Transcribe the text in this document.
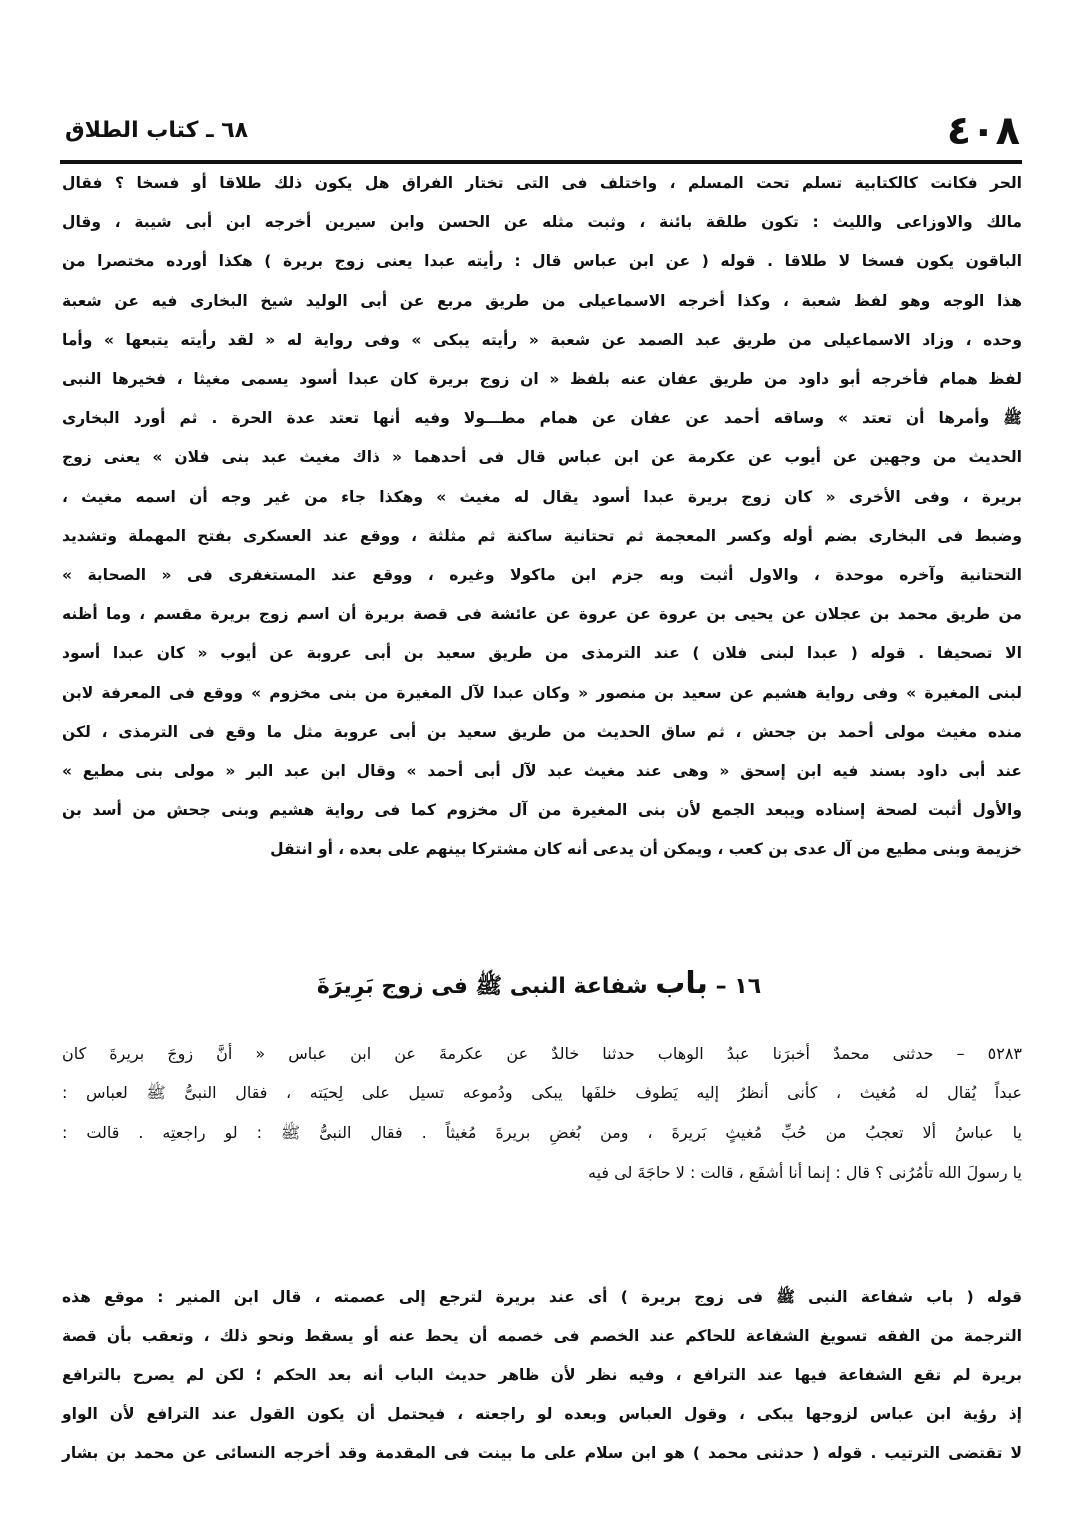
٤٠٨
٦٨ ـ كتاب الطلاق
الحر فكانت كالكتابية تسلم تحت المسلم ، واختلف فى التى تختار الفراق هل يكون ذلك طلاقا أو فسخا ؟ فقال
مالك والاوزاعى والليث : تكون طلقة بائنة ، وثبت مثله عن الحسن وابن سيرين أخرجه ابن أبى شيبة ، وقال
الباقون يكون فسخا لا طلاقا . قوله ( عن ابن عباس قال : رأيته عبدا يعنى زوج بريرة ) هكذا أورده مختصرا من
هذا الوجه وهو لفظ شعبة ، وكذا أخرجه الاسماعيلى من طريق مربع عن أبى الوليد شيخ البخارى فيه عن شعبة
وحده ، وزاد الاسماعيلى من طريق عبد الصمد عن شعبة « رأيته يبكى » وفى رواية له « لقد رأيته يتبعها » وأما
لفظ همام فأخرجه أبو داود من طريق عفان عنه بلفظ « ان زوج بريرة كان عبدا أسود يسمى مغيثا ، فخيرها النبى
ﷺ وأمرها أن تعتد » وساقه أحمد عن عفان عن همام مطـــولا وفيه أنها تعتد عدة الحرة . ثم أورد البخارى
الحديث من وجهين عن أيوب عن عكرمة عن ابن عباس قال فى أحدهما « ذاك مغيث عبد بنى فلان » يعنى زوج
بريرة ، وفى الأخرى « كان زوج بريرة عبدا أسود يقال له مغيث » وهكذا جاء من غير وجه أن اسمه مغيث ،
وضبط فى البخارى بضم أوله وكسر المعجمة ثم تحتانية ساكنة ثم مثلثة ، ووقع عند العسكرى بفتح المهملة وتشديد
التحتانية وآخره موحدة ، والاول أثبت وبه جزم ابن ماكولا وغيره ، ووقع عند المستغفرى فى « الصحابة »
من طريق محمد بن عجلان عن يحيى بن عروة عن عروة عن عائشة فى قصة بريرة أن اسم زوج بريرة مقسم ، وما أظنه
الا تصحيفا . قوله ( عبدا لبنى فلان ) عند الترمذى من طريق سعيد بن أبى عروبة عن أيوب « كان عبدا أسود
لبنى المغيرة » وفى رواية هشيم عن سعيد بن منصور « وكان عبدا لآل المغيرة من بنى مخزوم » ووقع فى المعرفة لابن
منده مغيث مولى أحمد بن جحش ، ثم ساق الحديث من طريق سعيد بن أبى عروبة مثل ما وقع فى الترمذى ، لكن
عند أبى داود بسند فيه ابن إسحق « وهى عند مغيث عبد لآل أبى أحمد » وقال ابن عبد البر « مولى بنى مطيع »
والأول أثبت لصحة إسناده ويبعد الجمع لأن بنى المغيرة من آل مخزوم كما فى رواية هشيم وبنى جحش من أسد بن
خزيمة وبنى مطيع من آل عدى بن كعب ، ويمكن أن يدعى أنه كان مشتركا بينهم على بعده ، أو انتقل
١٦ – باب شفاعة النبى ﷺ فى زوج بَرِيرَةَ
٥٢٨٣ – حدثنى محمدٌ أخبرَنا عبدُ الوهاب حدثنا خالدٌ عن عكرمةَ عن ابن عباس « أنَّ زوجَ بريرةَ كان
عبداً يُقال له مُغيث ، كأنى أنظرُ إليه يَطوف خلفَها يبكى ودُموعه تسيل على لِحيَته ، فقال النبىُّ ﷺ لعباس :
يا عباسُ ألا تعجبُ من حُبِّ مُغيثٍ بَريرةَ ، ومن بُغضِ بريرةَ مُغيثاً . فقال النبىُّ ﷺ : لو راجعتِه . قالت :
يا رسولَ الله تأمُرُنى ؟ قال : إنما أنا أشفَع ، قالت : لا حاجَةَ لى فيه
قوله ( باب شفاعة النبى ﷺ فى زوج بريرة ) أى عند بريرة لترجع إلى عصمته ، قال ابن المنير : موقع هذه
الترجمة من الفقه تسويغ الشفاعة للحاكم عند الخصم فى خصمه أن يحط عنه أو يسقط ونحو ذلك ، وتعقب بأن قصة
بريرة لم تقع الشفاعة فيها عند الترافع ، وفيه نظر لأن ظاهر حديث الباب أنه بعد الحكم ؛ لكن لم يصرح بالترافع
إذ رؤية ابن عباس لزوجها يبكى ، وقول العباس وبعده لو راجعته ، فيحتمل أن يكون القول عند الترافع لأن الواو
لا تقتضى الترتيب . قوله ( حدثنى محمد ) هو ابن سلام على ما بينت فى المقدمة وقد أخرجه النسائى عن محمد بن بشار
